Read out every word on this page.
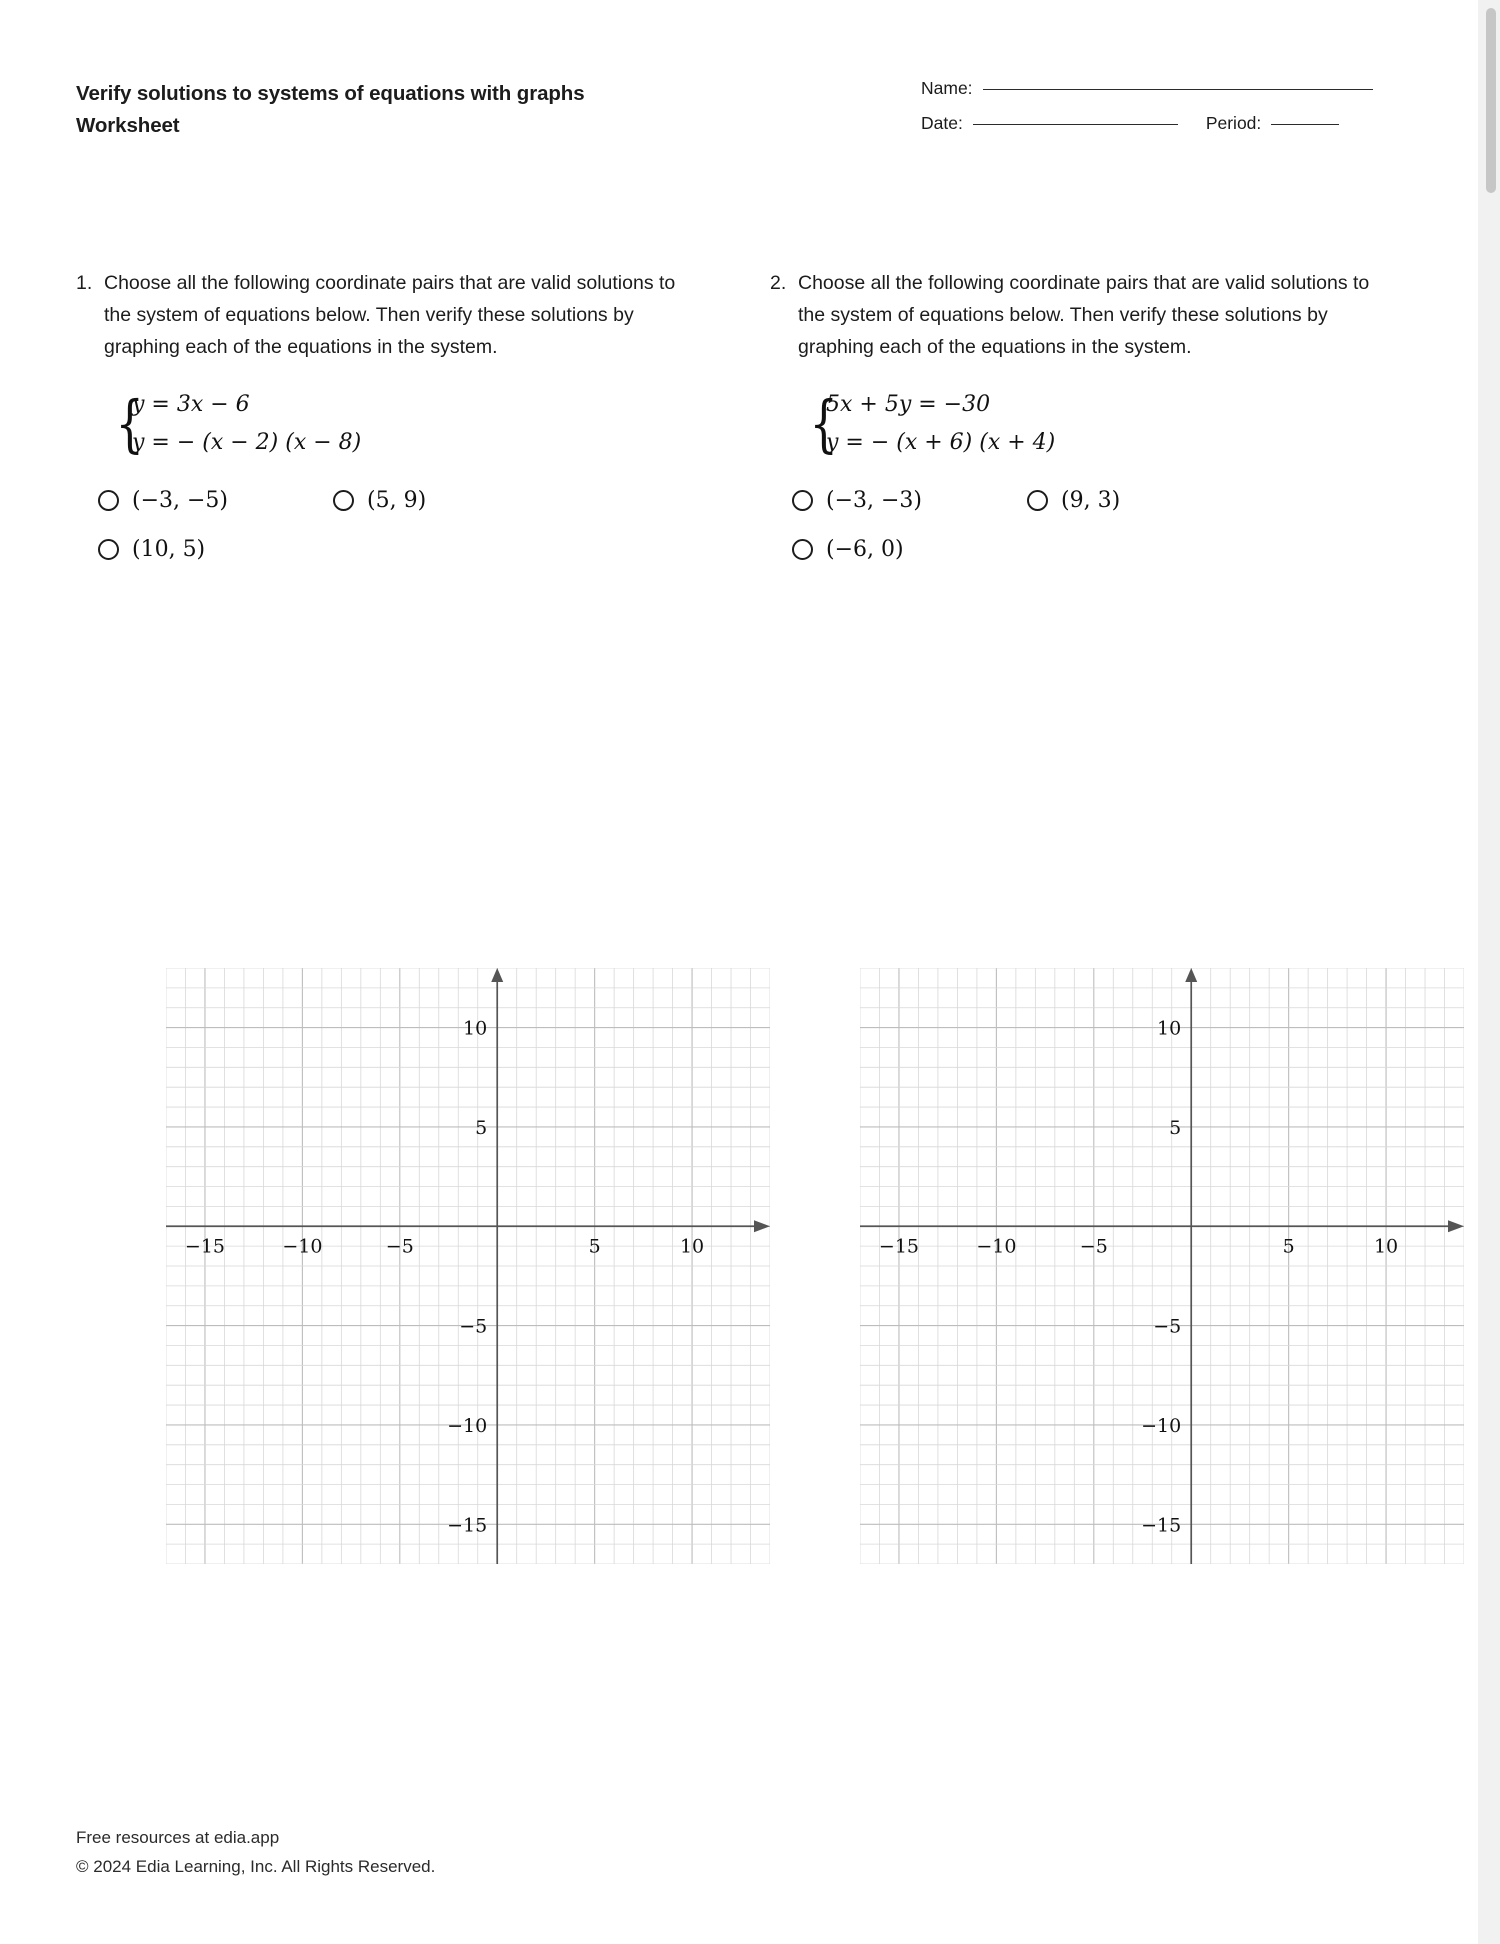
Verify solutions to systems of equations with graphs
Worksheet
Name:
Date:	Period:
1. Choose all the following coordinate pairs that are valid solutions to the system of equations below. Then verify these solutions by graphing each of the equations in the system.
{
y = 3x − 6
y = − (x − 2) (x − 8)
(−3, −5)	(5, 9)
(10, 5)
2. Choose all the following coordinate pairs that are valid solutions to the system of equations below. Then verify these solutions by graphing each of the equations in the system.
{
5x + 5y = −30
y = − (x + 6) (x + 4)
(−3, −3)	(9, 3)
(−6, 0)
−15	−10	−5	5	10
10
5
−5
−10
−15
−15	−10	−5	5	10
10
5
−5
−10
−15
Free resources at edia.app
© 2024 Edia Learning, Inc. All Rights Reserved.
